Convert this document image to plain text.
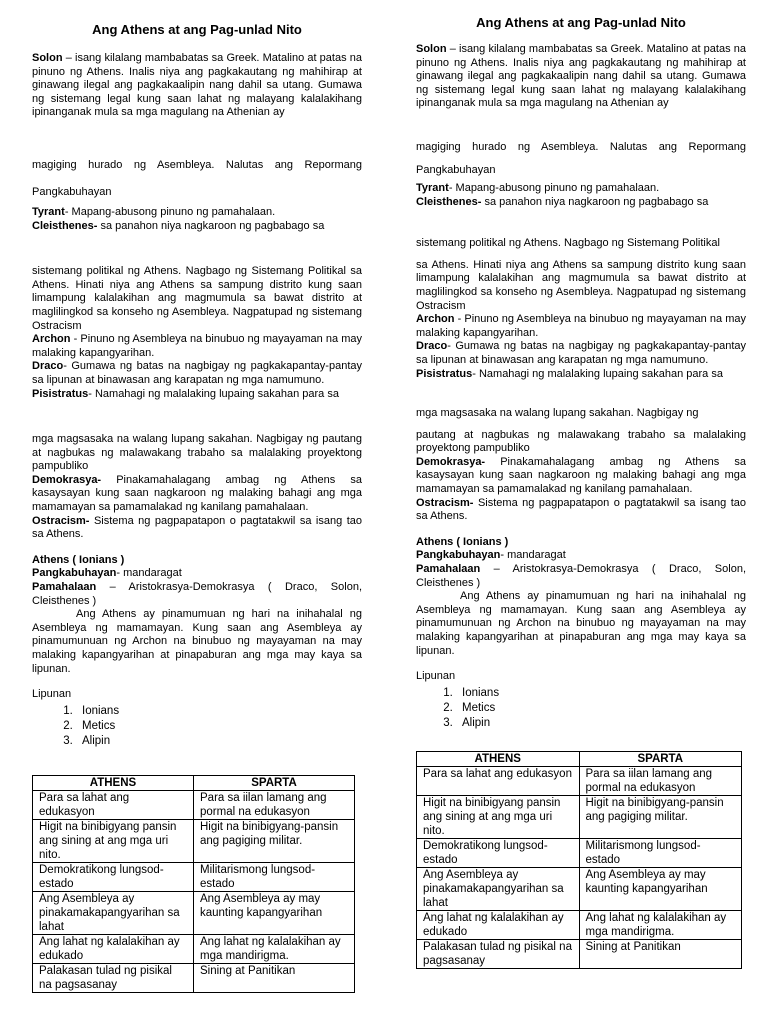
Ang Athens at ang Pag-unlad Nito

Solon – isang kilalang mambabatas sa Greek. Matalino at patas na pinuno ng Athens. Inalis niya ang pagkakautang ng mahihirap at ginawang ilegal ang pagkakaalipin nang dahil sa utang. Gumawa ng sistemang legal kung saan lahat ng malayang kalalakihang ipinanganak mula sa mga magulang na Athenian ay

magiging hurado ng Asembleya. Nalutas ang Repormang Pangkabuhayan

Tyrant- Mapang-abusong pinuno ng pamahalaan.

Cleisthenes- sa panahon niya nagkaroon ng pagbabago sa

sistemang politikal ng Athens. Nagbago ng Sistemang Politikal sa Athens. Hinati niya ang Athens sa sampung distrito kung saan limampung kalalakihan ang magmumula sa bawat distrito at maglilingkod sa konseho ng Asembleya. Nagpatupad ng sistemang Ostracism

Archon - Pinuno ng Asembleya na binubuo ng mayayaman na may malaking kapangyarihan.

Draco- Gumawa ng batas na nagbigay ng pagkakapantay-pantay sa lipunan at binawasan ang karapatan ng mga namumuno.

Pisistratus- Namahagi ng malalaking lupaing sakahan para sa

mga magsasaka na walang lupang sakahan. Nagbigay ng pautang at nagbukas ng malawakang trabaho sa malalaking proyektong pampubliko

Demokrasya- Pinakamahalagang ambag ng Athens sa kasaysayan kung saan nagkaroon ng malaking bahagi ang mga mamamayan sa pamamalakad ng kanilang pamahalaan.

Ostracism- Sistema ng pagpapatapon o pagtatakwil sa isang tao sa Athens.

Athens ( Ionians )

Pangkabuhayan- mandaragat

Pamahalaan – Aristokrasya-Demokrasya ( Draco, Solon, Cleisthenes )

Ang Athens ay pinamumuan ng hari na inihahalal ng Asembleya ng mamamayan. Kung saan ang Asembleya ay pinamumunuan ng Archon na binubuo ng mayayaman na may malaking kapangyarihan at pinapaburan ang mga may kaya sa lipunan.

Lipunan

1. Ionians
2. Metics
3. Alipin
ATHENS	SPARTA
Para sa lahat ang edukasyon	Para sa iilan lamang ang pormal na edukasyon
Higit na binibigyang pansin ang sining at ang mga uri nito.	Higit na binibigyang-pansin ang pagiging militar.
Demokratikong lungsod-estado	Militarismong lungsod-estado
Ang Asembleya ay pinakamakapangyarihan sa lahat	Ang Asembleya ay may kaunting kapangyarihan
Ang lahat ng kalalakihan ay edukado	Ang lahat ng kalalakihan ay mga mandirigma.
Palakasan tulad ng pisikal na pagsasanay	Sining at Panitikan

Ang Athens at ang Pag-unlad Nito

Solon – isang kilalang mambabatas sa Greek. Matalino at patas na pinuno ng Athens. Inalis niya ang pagkakautang ng mahihirap at ginawang ilegal ang pagkakaalipin nang dahil sa utang. Gumawa ng sistemang legal kung saan lahat ng malayang kalalakihang ipinanganak mula sa mga magulang na Athenian ay

magiging hurado ng Asembleya. Nalutas ang Repormang Pangkabuhayan

Tyrant- Mapang-abusong pinuno ng pamahalaan.

Cleisthenes- sa panahon niya nagkaroon ng pagbabago sa

sistemang politikal ng Athens. Nagbago ng Sistemang Politikal

sa Athens. Hinati niya ang Athens sa sampung distrito kung saan limampung kalalakihan ang magmumula sa bawat distrito at maglilingkod sa konseho ng Asembleya. Nagpatupad ng sistemang Ostracism

Archon - Pinuno ng Asembleya na binubuo ng mayayaman na may malaking kapangyarihan.

Draco- Gumawa ng batas na nagbigay ng pagkakapantay-pantay sa lipunan at binawasan ang karapatan ng mga namumuno.

Pisistratus- Namahagi ng malalaking lupaing sakahan para sa

mga magsasaka na walang lupang sakahan. Nagbigay ng

pautang at nagbukas ng malawakang trabaho sa malalaking proyektong pampubliko

Demokrasya- Pinakamahalagang ambag ng Athens sa kasaysayan kung saan nagkaroon ng malaking bahagi ang mga mamamayan sa pamamalakad ng kanilang pamahalaan.

Ostracism- Sistema ng pagpapatapon o pagtatakwil sa isang tao sa Athens.

Athens ( Ionians )

Pangkabuhayan- mandaragat

Pamahalaan – Aristokrasya-Demokrasya ( Draco, Solon, Cleisthenes )

Ang Athens ay pinamumuan ng hari na inihahalal ng Asembleya ng mamamayan. Kung saan ang Asembleya ay pinamumunuan ng Archon na binubuo ng mayayaman na may malaking kapangyarihan at pinapaburan ang mga may kaya sa lipunan.

Lipunan

1. Ionians
2. Metics
3. Alipin
ATHENS	SPARTA
Para sa lahat ang edukasyon	Para sa iilan lamang ang pormal na edukasyon
Higit na binibigyang pansin ang sining at ang mga uri nito.	Higit na binibigyang-pansin ang pagiging militar.
Demokratikong lungsod-estado	Militarismong lungsod-estado
Ang Asembleya ay pinakamakapangyarihan sa lahat	Ang Asembleya ay may kaunting kapangyarihan
Ang lahat ng kalalakihan ay edukado	Ang lahat ng kalalakihan ay mga mandirigma.
Palakasan tulad ng pisikal na pagsasanay	Sining at Panitikan
